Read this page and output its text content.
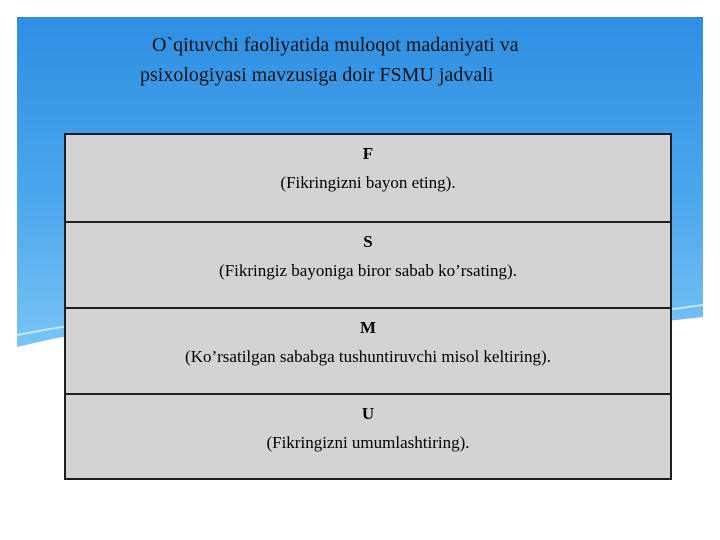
O`qituvchi faoliyatida muloqot madaniyati va
psixologiyasi mavzusiga doir FSMU jadvali
F
(Fikringizni bayon eting).
S
(Fikringiz bayoniga biror sabab ko’rsating).
M
(Ko’rsatilgan sababga tushuntiruvchi misol keltiring).
U
(Fikringizni umumlashtiring).
